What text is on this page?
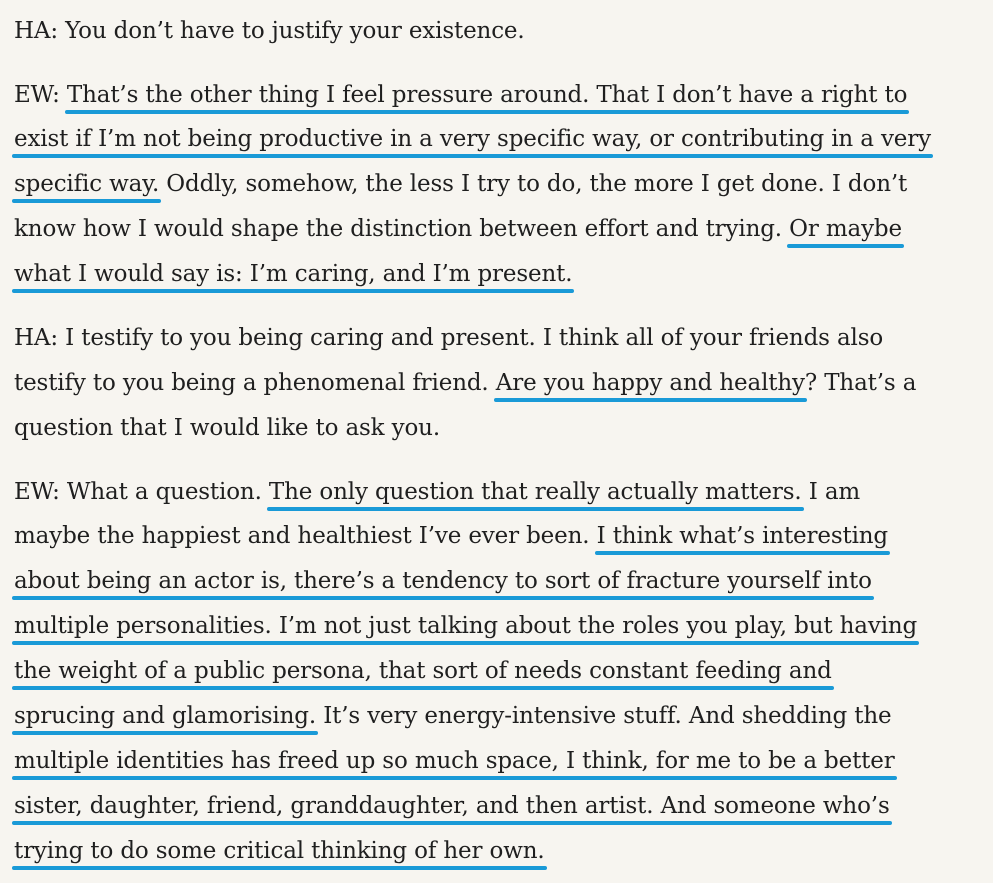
HA: You don’t have to justify your existence.
EW: That’s the other thing I feel pressure around. That I don’t have a right to
exist if I’m not being productive in a very specific way, or contributing in a very
specific way. Oddly, somehow, the less I try to do, the more I get done. I don’t
know how I would shape the distinction between effort and trying. Or maybe
what I would say is: I’m caring, and I’m present.
HA: I testify to you being caring and present. I think all of your friends also
testify to you being a phenomenal friend. Are you happy and healthy? That’s a
question that I would like to ask you.
EW: What a question. The only question that really actually matters. I am
maybe the happiest and healthiest I’ve ever been. I think what’s interesting
about being an actor is, there’s a tendency to sort of fracture yourself into
multiple personalities. I’m not just talking about the roles you play, but having
the weight of a public persona, that sort of needs constant feeding and
sprucing and glamorising. It’s very energy-intensive stuff. And shedding the
multiple identities has freed up so much space, I think, for me to be a better
sister, daughter, friend, granddaughter, and then artist. And someone who’s
trying to do some critical thinking of her own.
